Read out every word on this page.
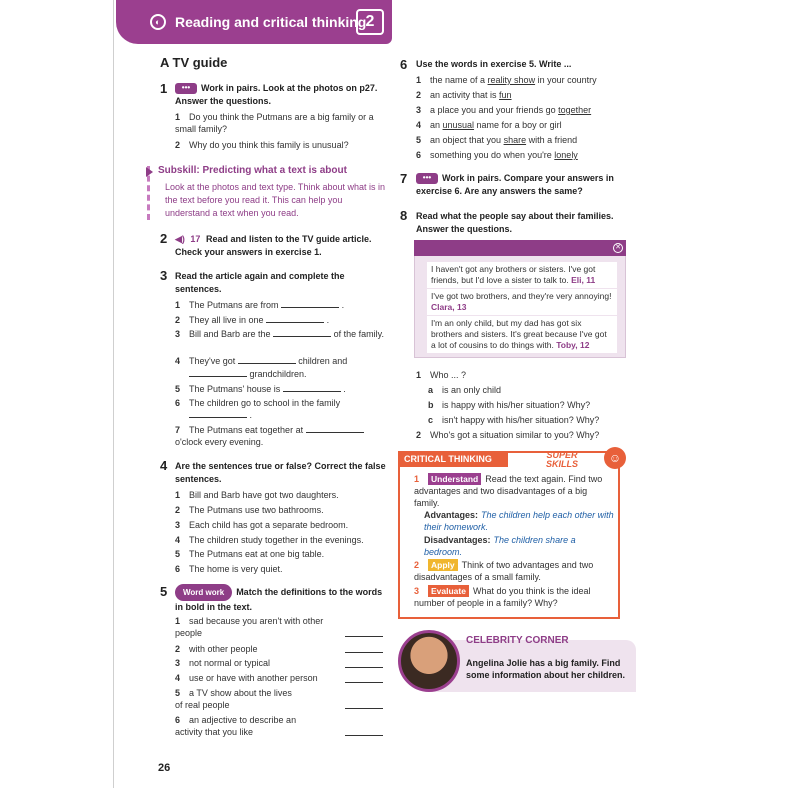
◐	Reading and critical thinking 2
A TV guide
1	••• Work in pairs. Look at the photos on p27. Answer the questions.
1 Do you think the Putmans are a big family or a small family?
2 Why do you think this family is unusual?
Subskill: Predicting what a text is about
Look at the photos and text type. Think about what is in the text before you read it. This can help you understand a text when you read.
2 ◀) 17 Read and listen to the TV guide article. Check your answers in exercise 1.
3 Read the article again and complete the sentences.
1 The Putmans are from	.
2 They all live in one	.
3 Bill and Barb are the	of the family.
4 They've got	children and
grandchildren.
5 The Putmans' house is	.
6 The children go to school in the family
.
7 The Putmans eat together at  o'clock every evening.
4 Are the sentences true or false? Correct the false sentences.
1 Bill and Barb have got two daughters.
2 The Putmans use two bathrooms.
3 Each child has got a separate bedroom.
4 The children study together in the evenings.
5 The Putmans eat at one big table.
6 The home is very quiet.
5	Word work Match the definitions to the words in bold in the text.
1 sad because you aren't with other people
2 with other people
3 not normal or typical
4 use or have with another person
5 a TV show about the lives of real people
6 an adjective to describe an activity that you like
6 Use the words in exercise 5. Write ...
1 the name of a reality show in your country
2 an activity that is fun
3 a place you and your friends go together
4 an unusual name for a boy or girl
5 an object that you share with a friend
6 something you do when you're lonely
7	••• Work in pairs. Compare your answers in exercise 6. Are any answers the same?
8 Read what the people say about their families. Answer the questions.
✕
I haven't got any brothers or sisters. I've got friends, but I'd love a sister to talk to. Eli, 11
I've got two brothers, and they're very annoying! Clara, 13
I'm an only child, but my dad has got six brothers and sisters. It's great because I've got a lot of cousins to do things with. Toby, 12
1 Who ... ?
a is an only child
b is happy with his/her situation? Why?
c isn't happy with his/her situation? Why?
2 Who's got a situation similar to you? Why?
CRITICAL THINKING	SUPER
SKILLS	☺
1 Understand Read the text again. Find two advantages and two disadvantages of a big family.
Advantages: The children help each other with their homework.
Disadvantages: The children share a bedroom.
2 Apply Think of two advantages and two disadvantages of a small family.
3 Evaluate What do you think is the ideal number of people in a family? Why?
CELEBRITY CORNER
Angelina Jolie has a big family. Find some information about her children.
26
